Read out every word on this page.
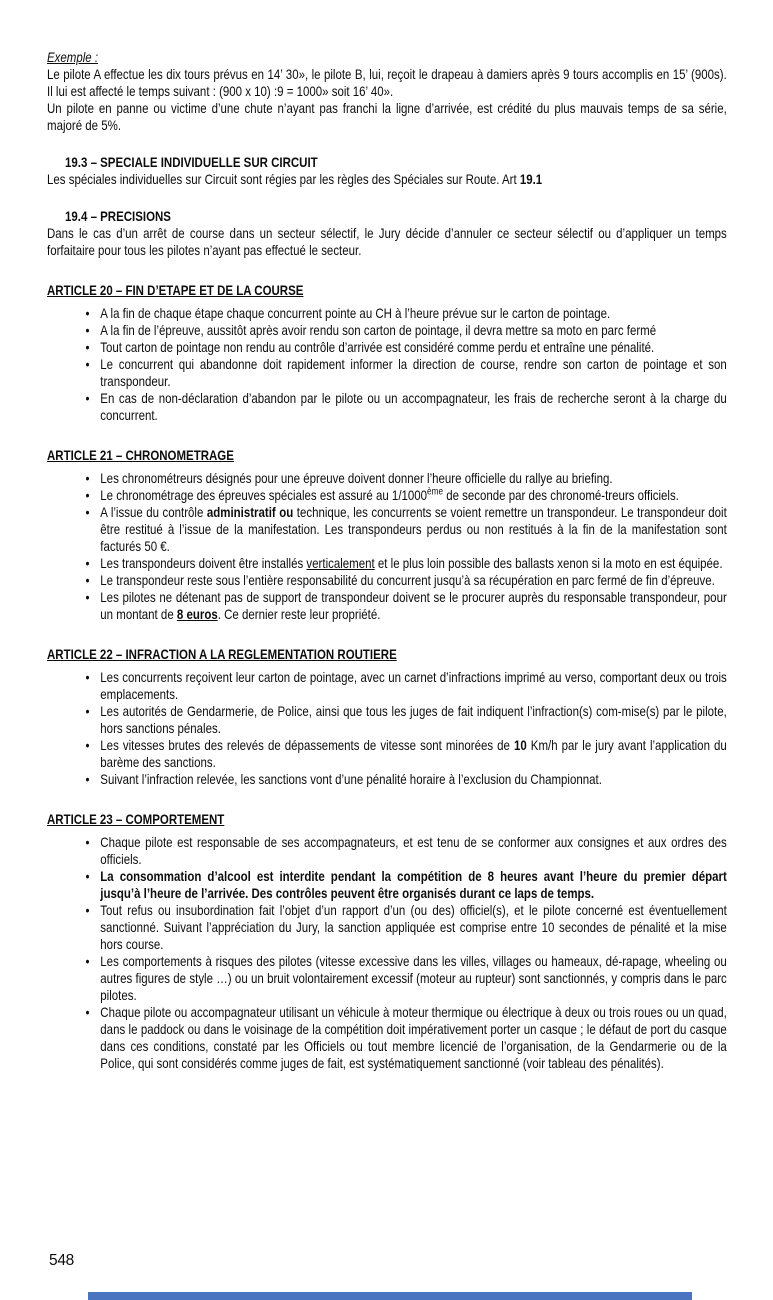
Exemple :
Le pilote A effectue les dix tours prévus en 14’ 30», le pilote B, lui, reçoit le drapeau à damiers après 9 tours accomplis en 15’ (900s). Il lui est affecté le temps suivant : (900 x 10) :9 = 1000» soit 16’ 40».
Un pilote en panne ou victime d’une chute n’ayant pas franchi la ligne d’arrivée, est crédité du plus mauvais temps de sa série, majoré de 5%.
19.3 – SPECIALE INDIVIDUELLE SUR CIRCUIT
Les spéciales individuelles sur Circuit sont régies par les règles des Spéciales sur Route. Art 19.1
19.4 – PRECISIONS
Dans le cas d’un arrêt de course dans un secteur sélectif, le Jury décide d’annuler ce secteur sélectif ou d’appliquer un temps forfaitaire pour tous les pilotes n’ayant pas effectué le secteur.
ARTICLE 20 – FIN D’ETAPE ET DE LA COURSE
• A la fin de chaque étape chaque concurrent pointe au CH à l’heure prévue sur le carton de pointage.
• A la fin de l’épreuve, aussitôt après avoir rendu son carton de pointage, il devra mettre sa moto en parc fermé
• Tout carton de pointage non rendu au contrôle d’arrivée est considéré comme perdu et entraîne une pénalité.
• Le concurrent qui abandonne doit rapidement informer la direction de course, rendre son carton de pointage et son transpondeur.
• En cas de non-déclaration d’abandon par le pilote ou un accompagnateur, les frais de recherche seront à la charge du concurrent.
ARTICLE 21 – CHRONOMETRAGE
• Les chronométreurs désignés pour une épreuve doivent donner l’heure officielle du rallye au briefing.
• Le chronométrage des épreuves spéciales est assuré au 1/1000ème de seconde par des chronomé-treurs officiels.
• A l’issue du contrôle administratif ou technique, les concurrents se voient remettre un transpondeur. Le transpondeur doit être restitué à l’issue de la manifestation. Les transpondeurs perdus ou non restitués à la fin de la manifestation sont facturés 50 €.
• Les transpondeurs doivent être installés verticalement et le plus loin possible des ballasts xenon si la moto en est équipée.
• Le transpondeur reste sous l’entière responsabilité du concurrent jusqu’à sa récupération en parc fermé de fin d’épreuve.
• Les pilotes ne détenant pas de support de transpondeur doivent se le procurer auprès du responsable transpondeur, pour un montant de 8 euros. Ce dernier reste leur propriété.
ARTICLE 22 – INFRACTION A LA REGLEMENTATION ROUTIERE
• Les concurrents reçoivent leur carton de pointage, avec un carnet d’infractions imprimé au verso, comportant deux ou trois emplacements.
• Les autorités de Gendarmerie, de Police, ainsi que tous les juges de fait indiquent l’infraction(s) com-mise(s) par le pilote, hors sanctions pénales.
• Les vitesses brutes des relevés de dépassements de vitesse sont minorées de 10 Km/h par le jury avant l’application du barème des sanctions.
• Suivant l’infraction relevée, les sanctions vont d’une pénalité horaire à l’exclusion du Championnat.
ARTICLE 23 – COMPORTEMENT
• Chaque pilote est responsable de ses accompagnateurs, et est tenu de se conformer aux consignes et aux ordres des officiels.
• La consommation d’alcool est interdite pendant la compétition de 8 heures avant l’heure du premier départ jusqu’à l’heure de l’arrivée. Des contrôles peuvent être organisés durant ce laps de temps.
• Tout refus ou insubordination fait l’objet d’un rapport d’un (ou des) officiel(s), et le pilote concerné est éventuellement sanctionné. Suivant l’appréciation du Jury, la sanction appliquée est comprise entre 10 secondes de pénalité et la mise hors course.
• Les comportements à risques des pilotes (vitesse excessive dans les villes, villages ou hameaux, dé-rapage, wheeling ou autres figures de style …) ou un bruit volontairement excessif (moteur au rupteur) sont sanctionnés, y compris dans le parc pilotes.
• Chaque pilote ou accompagnateur utilisant un véhicule à moteur thermique ou électrique à deux ou trois roues ou un quad, dans le paddock ou dans le voisinage de la compétition doit impérativement porter un casque ; le défaut de port du casque dans ces conditions, constaté par les Officiels ou tout membre licencié de l’organisation, de la Gendarmerie ou de la Police, qui sont considérés comme juges de fait, est systématiquement sanctionné (voir tableau des pénalités).
548
